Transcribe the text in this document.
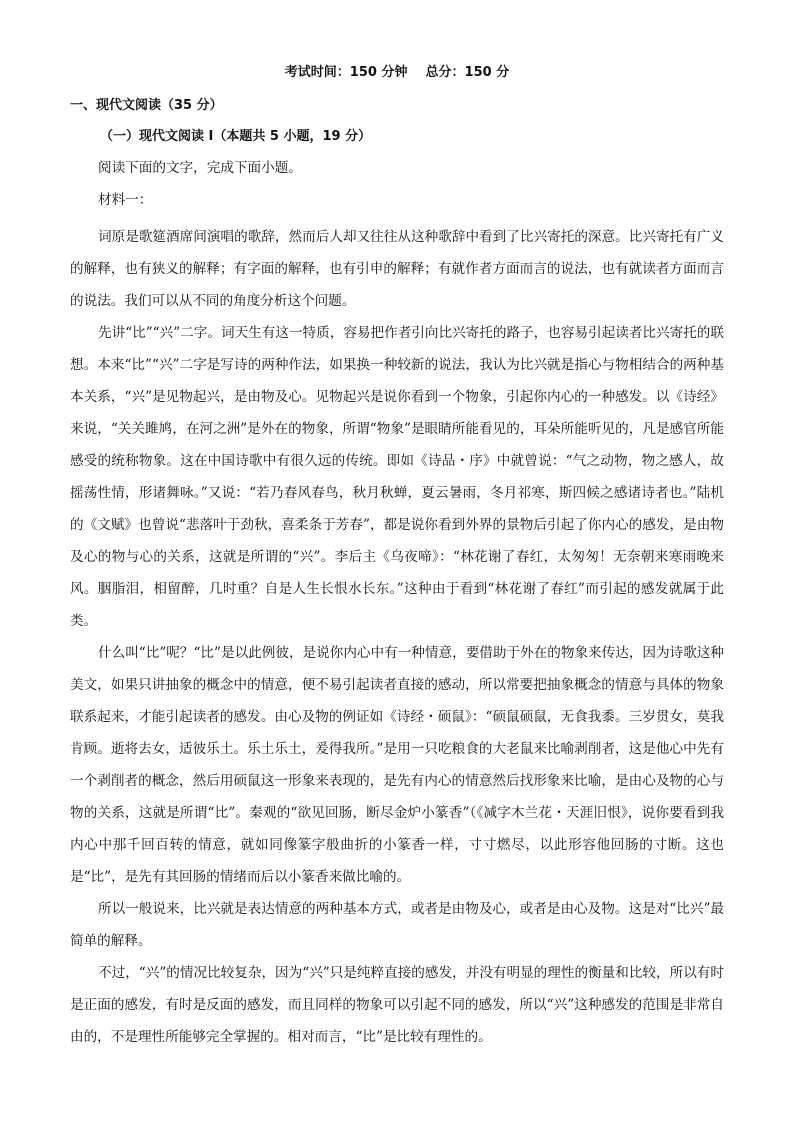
考试时间：150 分钟    总分：150 分
一、现代文阅读（35 分）
（一）现代文阅读 I（本题共 5 小题，19 分）
阅读下面的文字，完成下面小题。
材料一：

词原是歌筵酒席间演唱的歌辞，然而后人却又往往从这种歌辞中看到了比兴寄托的深意。比兴寄托有广义的解释，也有狭义的解释；有字面的解释，也有引申的解释；有就作者方面而言的说法，也有就读者方面而言的说法。我们可以从不同的角度分析这个问题。

先讲“比”“兴”二字。词天生有这一特质，容易把作者引向比兴寄托的路子，也容易引起读者比兴寄托的联想。本来“比”“兴”二字是写诗的两种作法，如果换一种较新的说法，我认为比兴就是指心与物相结合的两种基本关系，“兴”是见物起兴，是由物及心。见物起兴是说你看到一个物象，引起你内心的一种感发。以《诗经》来说，“关关雎鸠，在河之洲”是外在的物象，所谓“物象”是眼睛所能看见的，耳朵所能听见的，凡是感官所能感受的统称物象。这在中国诗歌中有很久远的传统。即如《诗品・序》中就曾说：“气之动物，物之感人，故摇荡性情，形诸舞咏。”又说：“若乃春风春鸟，秋月秋蝉，夏云暑雨，冬月祁寒，斯四候之感诸诗者也。”陆机的《文赋》也曾说“悲落叶于劲秋，喜柔条于芳春”，都是说你看到外界的景物后引起了你内心的感发，是由物及心的物与心的关系，这就是所谓的“兴”。李后主《乌夜啼》：“林花谢了春红，太匆匆！无奈朝来寒雨晚来风。胭脂泪，相留醉，几时重？自是人生长恨水长东。”这种由于看到“林花谢了春红”而引起的感发就属于此类。

什么叫“比”呢？“比”是以此例彼，是说你内心中有一种情意，要借助于外在的物象来传达，因为诗歌这种美文，如果只讲抽象的概念中的情意，便不易引起读者直接的感动，所以常要把抽象概念的情意与具体的物象联系起来，才能引起读者的感发。由心及物的例证如《诗经・硕鼠》：“硕鼠硕鼠，无食我黍。三岁贯女，莫我肯顾。逝将去女，适彼乐土。乐土乐土，爰得我所。”是用一只吃粮食的大老鼠来比喻剥削者，这是他心中先有一个剥削者的概念，然后用硕鼠这一形象来表现的，是先有内心的情意然后找形象来比喻，是由心及物的心与物的关系，这就是所谓“比”。秦观的“欲见回肠，断尽金炉小篆香”（《减字木兰花・天涯旧恨》，说你要看到我内心中那千回百转的情意，就如同像篆字般曲折的小篆香一样，寸寸燃尽，以此形容他回肠的寸断。这也是“比”，是先有其回肠的情绪而后以小篆香来做比喻的。

所以一般说来，比兴就是表达情意的两种基本方式，或者是由物及心，或者是由心及物。这是对“比兴”最简单的解释。

不过，“兴”的情况比较复杂，因为“兴”只是纯粹直接的感发，并没有明显的理性的衡量和比较，所以有时是正面的感发，有时是反面的感发，而且同样的物象可以引起不同的感发，所以“兴”这种感发的范围是非常自由的，不是理性所能够完全掌握的。相对而言，“比”是比较有理性的。
